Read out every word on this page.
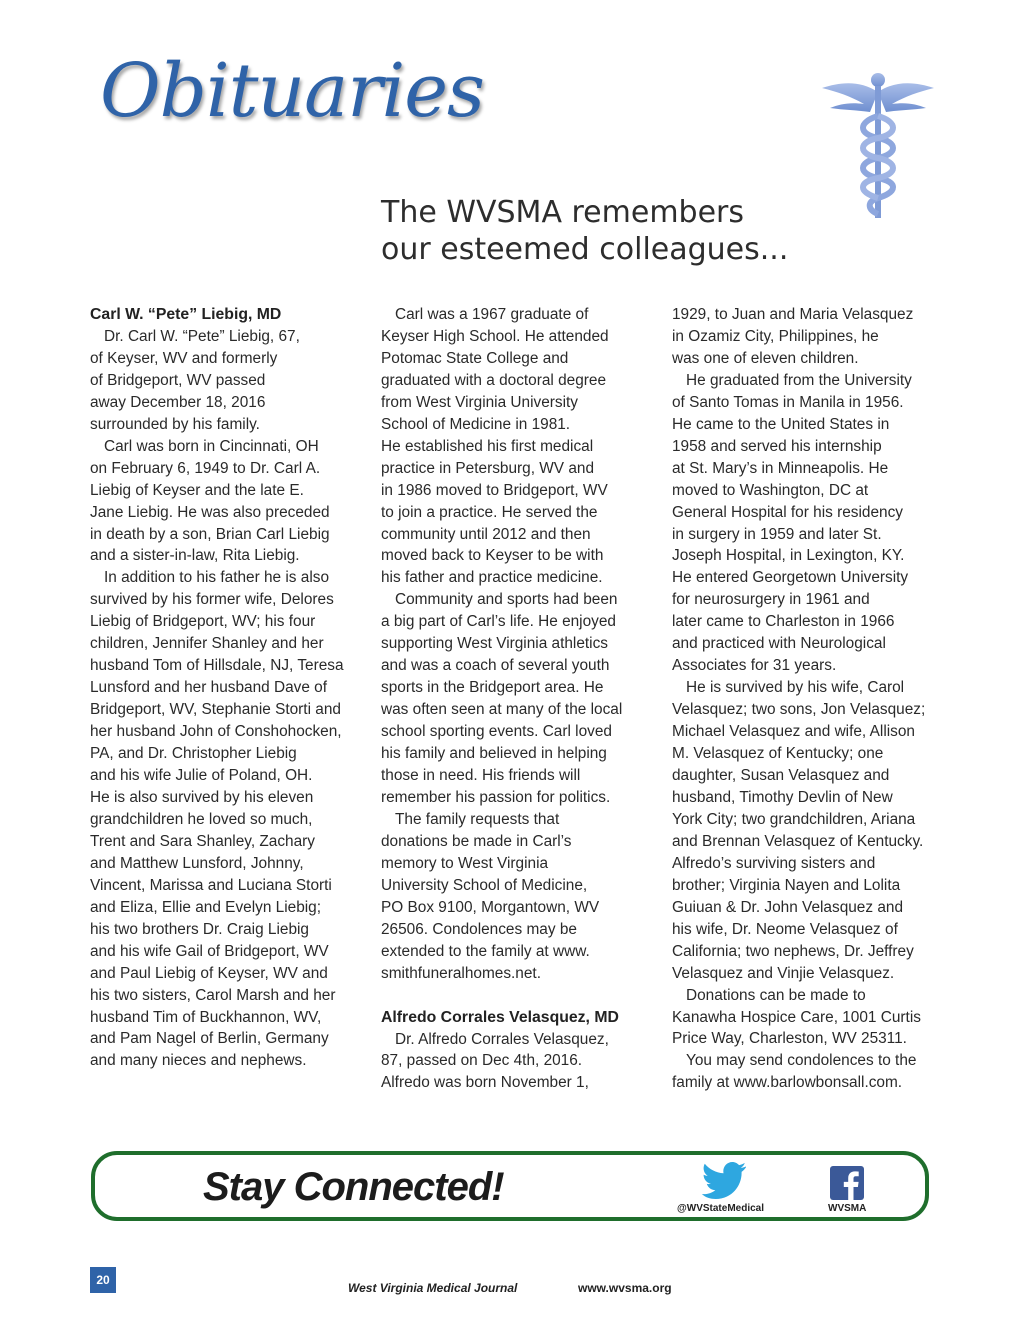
Obituaries
The WVSMA remembers
our esteemed colleagues...
Carl W. “Pete” Liebig, MD

Dr. Carl W. “Pete” Liebig, 67,

of Keyser, WV and formerly

of Bridgeport, WV passed

away December 18, 2016

surrounded by his family.

Carl was born in Cincinnati, OH

on February 6, 1949 to Dr. Carl A.

Liebig of Keyser and the late E.

Jane Liebig. He was also preceded

in death by a son, Brian Carl Liebig

and a sister-in-law, Rita Liebig.

In addition to his father he is also

survived by his former wife, Delores

Liebig of Bridgeport, WV; his four

children, Jennifer Shanley and her

husband Tom of Hillsdale, NJ, Teresa

Lunsford and her husband Dave of

Bridgeport, WV, Stephanie Storti and

her husband John of Conshohocken,

PA, and Dr. Christopher Liebig

and his wife Julie of Poland, OH.

He is also survived by his eleven

grandchildren he loved so much,

Trent and Sara Shanley, Zachary

and Matthew Lunsford, Johnny,

Vincent, Marissa and Luciana Storti

and Eliza, Ellie and Evelyn Liebig;

his two brothers Dr. Craig Liebig

and his wife Gail of Bridgeport, WV

and Paul Liebig of Keyser, WV and

his two sisters, Carol Marsh and her

husband Tim of Buckhannon, WV,

and Pam Nagel of Berlin, Germany

and many nieces and nephews.

Carl was a 1967 graduate of

Keyser High School. He attended

Potomac State College and

graduated with a doctoral degree

from West Virginia University

School of Medicine in 1981.

He established his first medical

practice in Petersburg, WV and

in 1986 moved to Bridgeport, WV

to join a practice. He served the

community until 2012 and then

moved back to Keyser to be with

his father and practice medicine.

Community and sports had been

a big part of Carl’s life. He enjoyed

supporting West Virginia athletics

and was a coach of several youth

sports in the Bridgeport area. He

was often seen at many of the local

school sporting events. Carl loved

his family and believed in helping

those in need. His friends will

remember his passion for politics.

The family requests that

donations be made in Carl’s

memory to West Virginia

University School of Medicine,

PO Box 9100, Morgantown, WV

26506. Condolences may be

extended to the family at www.

smithfuneralhomes.net.

Alfredo Corrales Velasquez, MD

Dr. Alfredo Corrales Velasquez,

87, passed on Dec 4th, 2016.

Alfredo was born November 1,

1929, to Juan and Maria Velasquez

in Ozamiz City, Philippines, he

was one of eleven children.

He graduated from the University

of Santo Tomas in Manila in 1956.

He came to the United States in

1958 and served his internship

at St. Mary’s in Minneapolis. He

moved to Washington, DC at

General Hospital for his residency

in surgery in 1959 and later St.

Joseph Hospital, in Lexington, KY.

He entered Georgetown University

for neurosurgery in 1961 and

later came to Charleston in 1966

and practiced with Neurological

Associates for 31 years.

He is survived by his wife, Carol

Velasquez; two sons, Jon Velasquez;

Michael Velasquez and wife, Allison

M. Velasquez of Kentucky; one

daughter, Susan Velasquez and

husband, Timothy Devlin of New

York City; two grandchildren, Ariana

and Brennan Velasquez of Kentucky.

Alfredo’s surviving sisters and

brother; Virginia Nayen and Lolita

Guiuan & Dr. John Velasquez and

his wife, Dr. Neome Velasquez of

California; two nephews, Dr. Jeffrey

Velasquez and Vinjie Velasquez.

Donations can be made to

Kanawha Hospice Care, 1001 Curtis

Price Way, Charleston, WV 25311.

You may send condolences to the

family at www.barlowbonsall.com.

Stay Connected!	@WVStateMedical	WVSMA
20
West Virginia Medical Journal	www.wvsma.org
